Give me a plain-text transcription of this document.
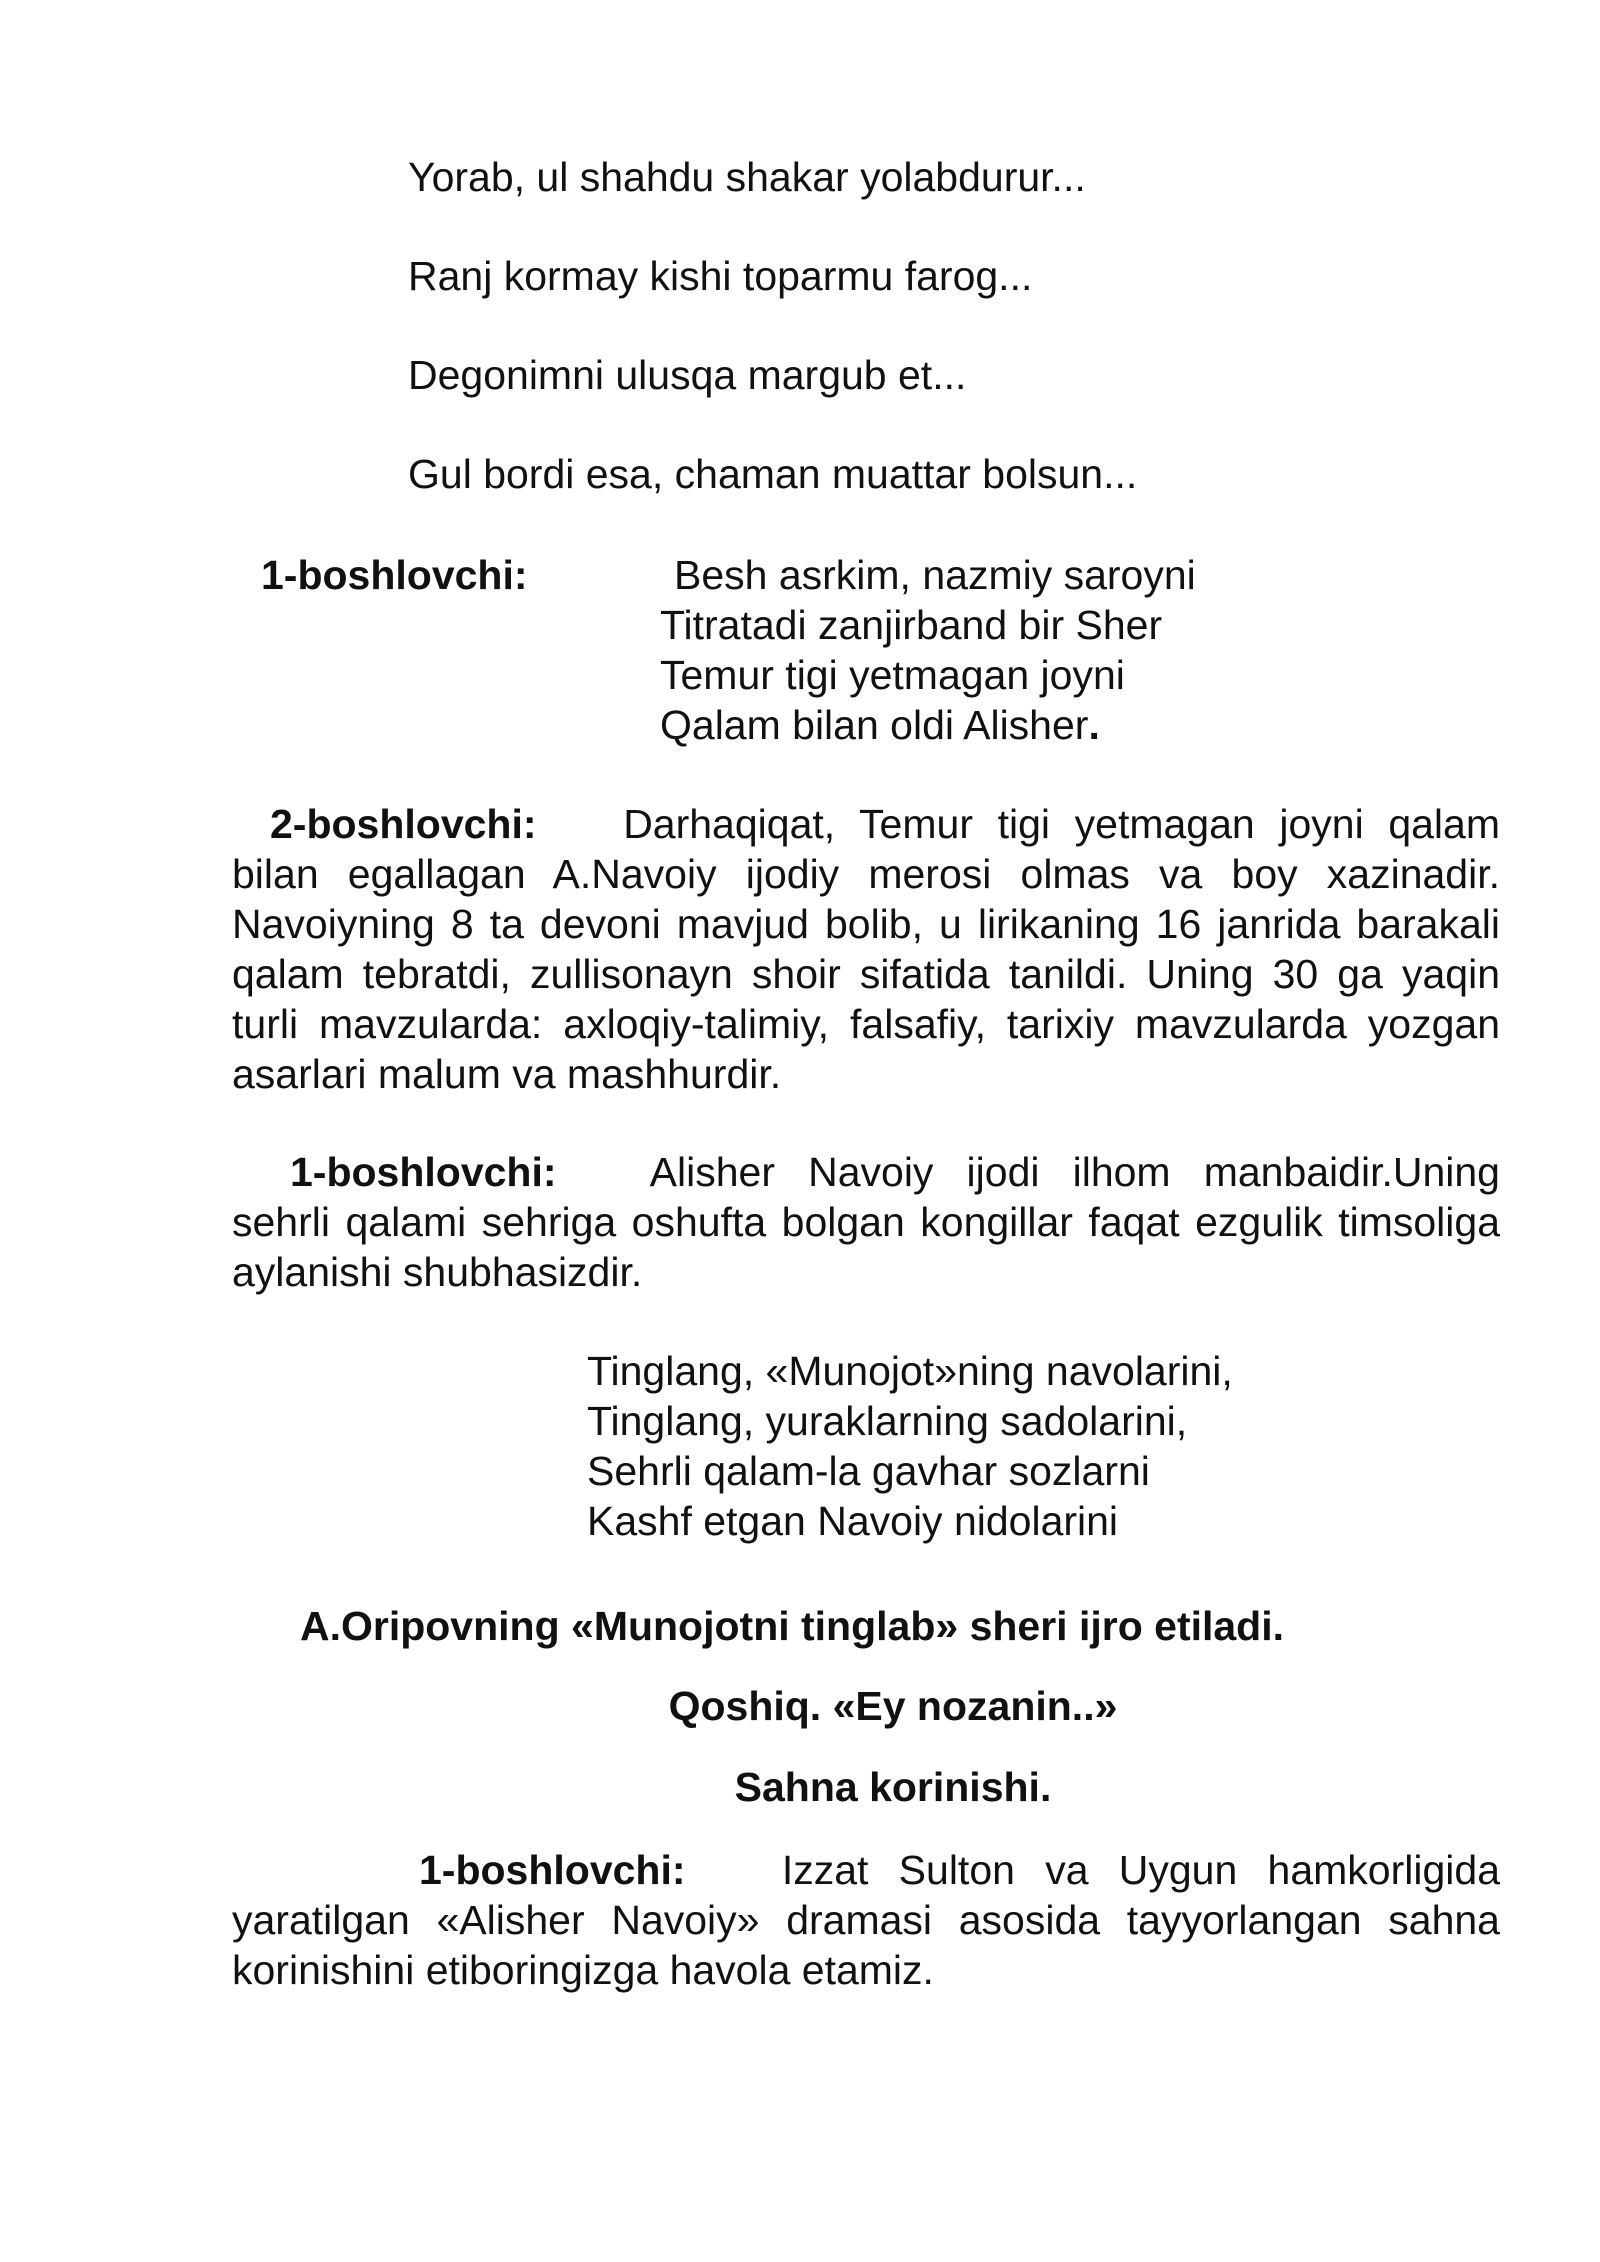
Yorab, ul shahdu shakar yolabdurur...
Ranj kormay kishi toparmu farog...
Degonimni ulusqa margub et...
Gul bordi esa, chaman muattar bolsun...
1-boshlovchi:	Besh asrkim, nazmiy saroyni
Titratadi zanjirband bir Sher
Temur tigi yetmagan joyni
Qalam bilan oldi Alisher.
2-boshlovchi: Darhaqiqat, Temur tigi yetmagan joyni qalam bilan egallagan A.Navoiy ijodiy merosi olmas va boy xazinadir. Navoiyning 8 ta devoni mavjud bolib, u lirikaning 16 janrida barakali qalam tebratdi, zullisonayn shoir sifatida tanildi. Uning 30 ga yaqin turli mavzularda: axloqiy-talimiy, falsafiy, tarixiy mavzularda yozgan asarlari malum va mashhurdir.
1-boshlovchi: Alisher Navoiy ijodi ilhom manbaidir.Uning sehrli qalami sehriga oshufta bolgan kongillar faqat ezgulik timsoliga aylanishi shubhasizdir.
Tinglang, «Munojot»ning navolarini,
Tinglang, yuraklarning sadolarini,
Sehrli qalam-la gavhar sozlarni
Kashf etgan Navoiy nidolarini
A.Oripovning «Munojotni tinglab» sheri ijro etiladi.
Qoshiq. «Ey nozanin..»
Sahna korinishi.
1-boshlovchi: Izzat Sulton va Uygun hamkorligida yaratilgan «Alisher Navoiy» dramasi asosida tayyorlangan sahna korinishini etiboringizga havola etamiz.
